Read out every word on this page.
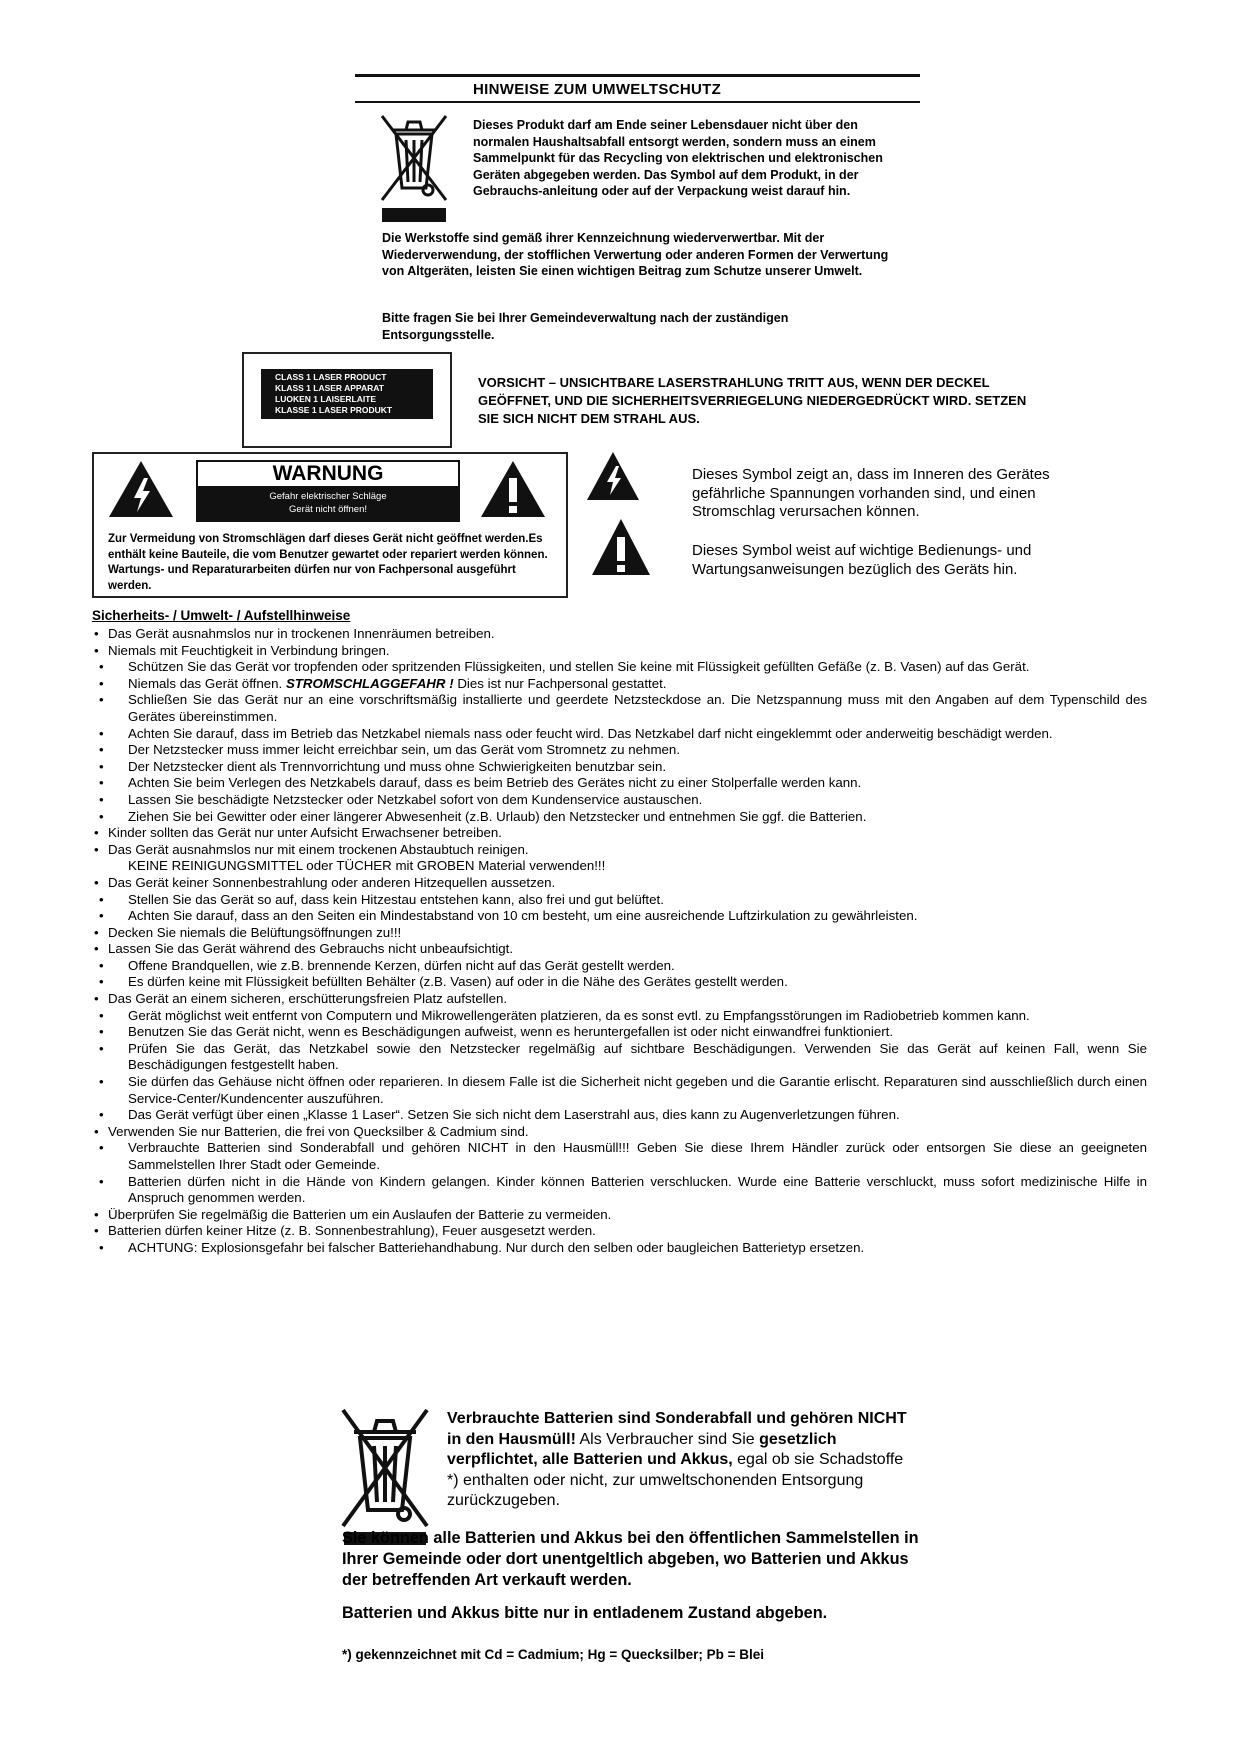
HINWEISE ZUM UMWELTSCHUTZ
Dieses Produkt darf am Ende seiner Lebensdauer nicht über den normalen Haushaltsabfall entsorgt werden, sondern muss an einem Sammelpunkt für das Recycling von elektrischen und elektronischen Geräten abgegeben werden. Das Symbol auf dem Produkt, in der Gebrauchs-anleitung oder auf der Verpackung weist darauf hin.
Die Werkstoffe sind gemäß ihrer Kennzeichnung wiederverwertbar. Mit der Wiederverwendung, der stofflichen Verwertung oder anderen Formen der Verwertung von Altgeräten, leisten Sie einen wichtigen Beitrag zum Schutze unserer Umwelt.
Bitte fragen Sie bei Ihrer Gemeindeverwaltung nach der zuständigen Entsorgungsstelle.
CLASS 1 LASER PRODUCT
KLASS 1 LASER APPARAT
LUOKEN 1 LAISERLAITE
KLASSE 1 LASER PRODUKT
VORSICHT – UNSICHTBARE LASERSTRAHLUNG TRITT AUS, WENN DER DECKEL GEÖFFNET, UND DIE SICHERHEITSVERRIEGELUNG NIEDERGEDRÜCKT WIRD. SETZEN SIE SICH NICHT DEM STRAHL AUS.
WARNUNG
Gefahr elektrischer Schläge
Gerät nicht öffnen!
Zur Vermeidung von Stromschlägen darf dieses Gerät nicht geöffnet werden.Es enthält keine Bauteile, die vom Benutzer gewartet oder repariert werden können. Wartungs- und Reparaturarbeiten dürfen nur von Fachpersonal ausgeführt werden.
Dieses Symbol zeigt an, dass im Inneren des Gerätes gefährliche Spannungen vorhanden sind, und einen Stromschlag verursachen können.
Dieses Symbol weist auf wichtige Bedienungs- und Wartungsanweisungen bezüglich des Geräts hin.
Sicherheits- / Umwelt- / Aufstellhinweise
• Das Gerät ausnahmslos nur in trockenen Innenräumen betreiben.
• Niemals mit Feuchtigkeit in Verbindung bringen.
• Schützen Sie das Gerät vor tropfenden oder spritzenden Flüssigkeiten, und stellen Sie keine mit Flüssigkeit gefüllten Gefäße (z. B. Vasen) auf das Gerät.
• Niemals das Gerät öffnen. STROMSCHLAGGEFAHR ! Dies ist nur Fachpersonal gestattet.
• Schließen Sie das Gerät nur an eine vorschriftsmäßig installierte und geerdete Netzsteckdose an. Die Netzspannung muss mit den Angaben auf dem Typenschild des Gerätes übereinstimmen.
• Achten Sie darauf, dass im Betrieb das Netzkabel niemals nass oder feucht wird. Das Netzkabel darf nicht eingeklemmt oder anderweitig beschädigt werden.
• Der Netzstecker muss immer leicht erreichbar sein, um das Gerät vom Stromnetz zu nehmen.
• Der Netzstecker dient als Trennvorrichtung und muss ohne Schwierigkeiten benutzbar sein.
• Achten Sie beim Verlegen des Netzkabels darauf, dass es beim Betrieb des Gerätes nicht zu einer Stolperfalle werden kann.
• Lassen Sie beschädigte Netzstecker oder Netzkabel sofort von dem Kundenservice austauschen.
• Ziehen Sie bei Gewitter oder einer längerer Abwesenheit (z.B. Urlaub) den Netzstecker und entnehmen Sie ggf. die Batterien.
• Kinder sollten das Gerät nur unter Aufsicht Erwachsener betreiben.
• Das Gerät ausnahmslos nur mit einem trockenen Abstaubtuch reinigen.
KEINE REINIGUNGSMITTEL oder TÜCHER mit GROBEN Material verwenden!!!
• Das Gerät keiner Sonnenbestrahlung oder anderen Hitzequellen aussetzen.
• Stellen Sie das Gerät so auf, dass kein Hitzestau entstehen kann, also frei und gut belüftet.
• Achten Sie darauf, dass an den Seiten ein Mindestabstand von 10 cm besteht, um eine ausreichende Luftzirkulation zu gewährleisten.
• Decken Sie niemals die Belüftungsöffnungen zu!!!
• Lassen Sie das Gerät während des Gebrauchs nicht unbeaufsichtigt.
• Offene Brandquellen, wie z.B. brennende Kerzen, dürfen nicht auf das Gerät gestellt werden.
• Es dürfen keine mit Flüssigkeit befüllten Behälter (z.B. Vasen) auf oder in die Nähe des Gerätes gestellt werden.
• Das Gerät an einem sicheren, erschütterungsfreien Platz aufstellen.
• Gerät möglichst weit entfernt von Computern und Mikrowellengeräten platzieren, da es sonst evtl. zu Empfangsstörungen im Radiobetrieb kommen kann.
• Benutzen Sie das Gerät nicht, wenn es Beschädigungen aufweist, wenn es heruntergefallen ist oder nicht einwandfrei funktioniert.
• Prüfen Sie das Gerät, das Netzkabel sowie den Netzstecker regelmäßig auf sichtbare Beschädigungen. Verwenden Sie das Gerät auf keinen Fall, wenn Sie Beschädigungen festgestellt haben.
• Sie dürfen das Gehäuse nicht öffnen oder reparieren. In diesem Falle ist die Sicherheit nicht gegeben und die Garantie erlischt. Reparaturen sind ausschließlich durch einen Service-Center/Kundencenter auszuführen.
• Das Gerät verfügt über einen „Klasse 1 Laser“. Setzen Sie sich nicht dem Laserstrahl aus, dies kann zu Augenverletzungen führen.
• Verwenden Sie nur Batterien, die frei von Quecksilber & Cadmium sind.
• Verbrauchte Batterien sind Sonderabfall und gehören NICHT in den Hausmüll!!! Geben Sie diese Ihrem Händler zurück oder entsorgen Sie diese an geeigneten Sammelstellen Ihrer Stadt oder Gemeinde.
• Batterien dürfen nicht in die Hände von Kindern gelangen. Kinder können Batterien verschlucken. Wurde eine Batterie verschluckt, muss sofort medizinische Hilfe in Anspruch genommen werden.
• Überprüfen Sie regelmäßig die Batterien um ein Auslaufen der Batterie zu vermeiden.
• Batterien dürfen keiner Hitze (z. B. Sonnenbestrahlung), Feuer ausgesetzt werden.
• ACHTUNG: Explosionsgefahr bei falscher Batteriehandhabung. Nur durch den selben oder baugleichen Batterietyp ersetzen.
Verbrauchte Batterien sind Sonderabfall und gehören NICHT in den Hausmüll! Als Verbraucher sind Sie gesetzlich verpflichtet, alle Batterien und Akkus, egal ob sie Schadstoffe *) enthalten oder nicht, zur umweltschonenden Entsorgung zurückzugeben.
Sie können alle Batterien und Akkus bei den öffentlichen Sammelstellen in Ihrer Gemeinde oder dort unentgeltlich abgeben, wo Batterien und Akkus der betreffenden Art verkauft werden.
Batterien und Akkus bitte nur in entladenem Zustand abgeben.
*) gekennzeichnet mit Cd = Cadmium; Hg = Quecksilber; Pb = Blei
